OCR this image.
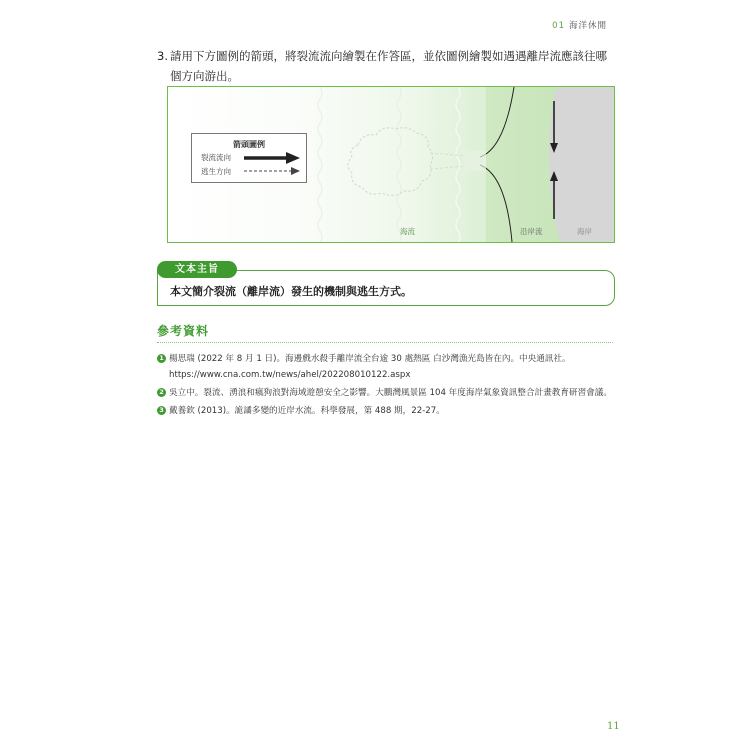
01 海洋休閒
3. 請用下方圖例的箭頭，將裂流流向繪製在作答區，並依圖例繪製如遇遇離岸流應該往哪個方向游出。
箭頭圖例
裂流流向
逃生方向
海流	沿岸流	海岸
文本主旨
本文簡介裂流（離岸流）發生的機制與逃生方式。
參考資料
1 楊思瑞 (2022 年 8 月 1 日)。海邊戲水殺手離岸流全台逾 30 處熱區 白沙灣漁光島皆在內。中央通訊社。https://www.cna.com.tw/news/ahel/202208010122.aspx
2 吳立中。裂流、湧浪和瘋狗浪對海域遊憩安全之影響。大鵬灣風景區 104 年度海岸氣象資訊整合計畫教育研習會議。
3 戴養欽 (2013)。詭譎多變的近岸水流。科學發展，第 488 期，22-27。
11
